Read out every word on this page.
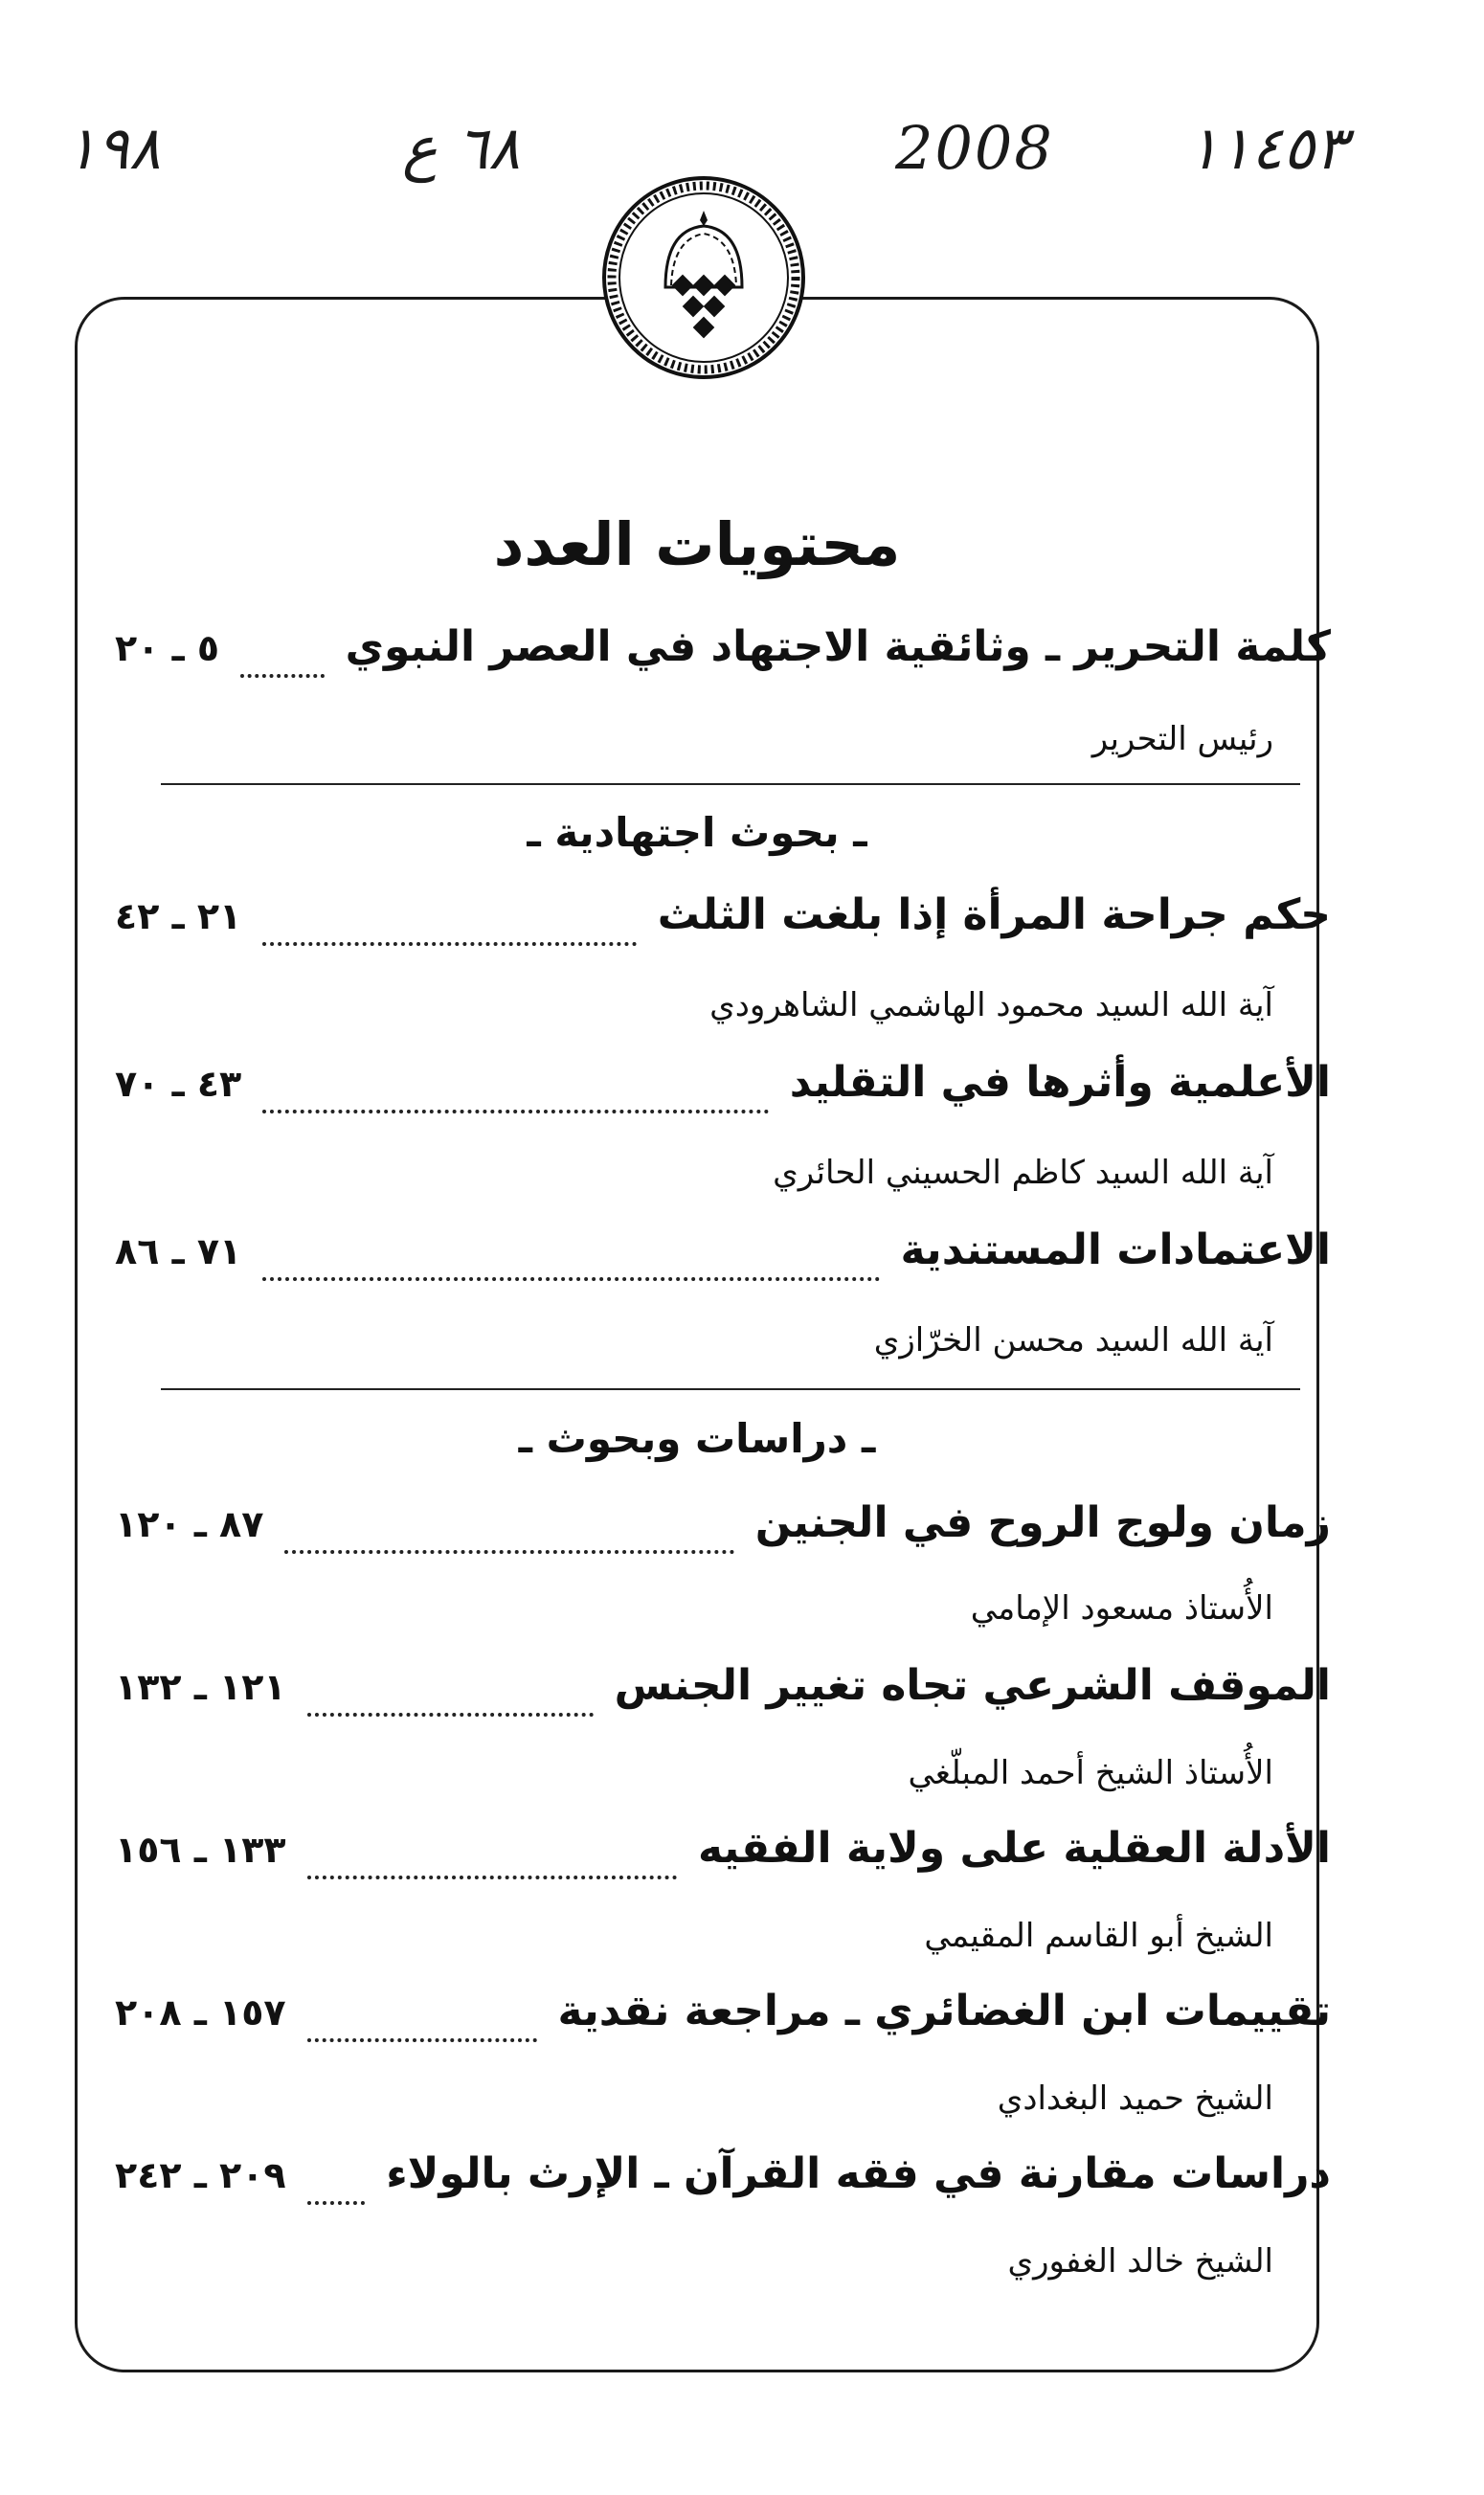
١٩٨	٦٨ ع	2008 ١١٤٥٣
محتويات العدد
٥ ـ ٢٠	كلمة التحرير ـ وثائقية الاجتهاد في العصر النبوي
رئيس التحرير
ـ بحوث اجتهادية ـ
٢١ ـ ٤٢	حكم جراحة المرأة إذا بلغت الثلث
آية الله السيد محمود الهاشمي الشاهرودي
٤٣ ـ ٧٠	الأعلمية وأثرها في التقليد
آية الله السيد كاظم الحسيني الحائري
٧١ ـ ٨٦	الاعتمادات المستندية
آية الله السيد محسن الخرّازي
ـ دراسات وبحوث ـ
٨٧ ـ ١٢٠	زمان ولوج الروح في الجنين
الأُستاذ مسعود الإمامي
١٢١ ـ ١٣٢	الموقف الشرعي تجاه تغيير الجنس
الأُستاذ الشيخ أحمد المبلّغي
١٣٣ ـ ١٥٦	الأدلة العقلية على ولاية الفقيه
الشيخ أبو القاسم المقيمي
١٥٧ ـ ٢٠٨	تقييمات ابن الغضائري ـ مراجعة نقدية
الشيخ حميد البغدادي
٢٠٩ ـ ٢٤٢ دراسات مقارنة في فقه القرآن ـ الإرث بالولاء
الشيخ خالد الغفوري
